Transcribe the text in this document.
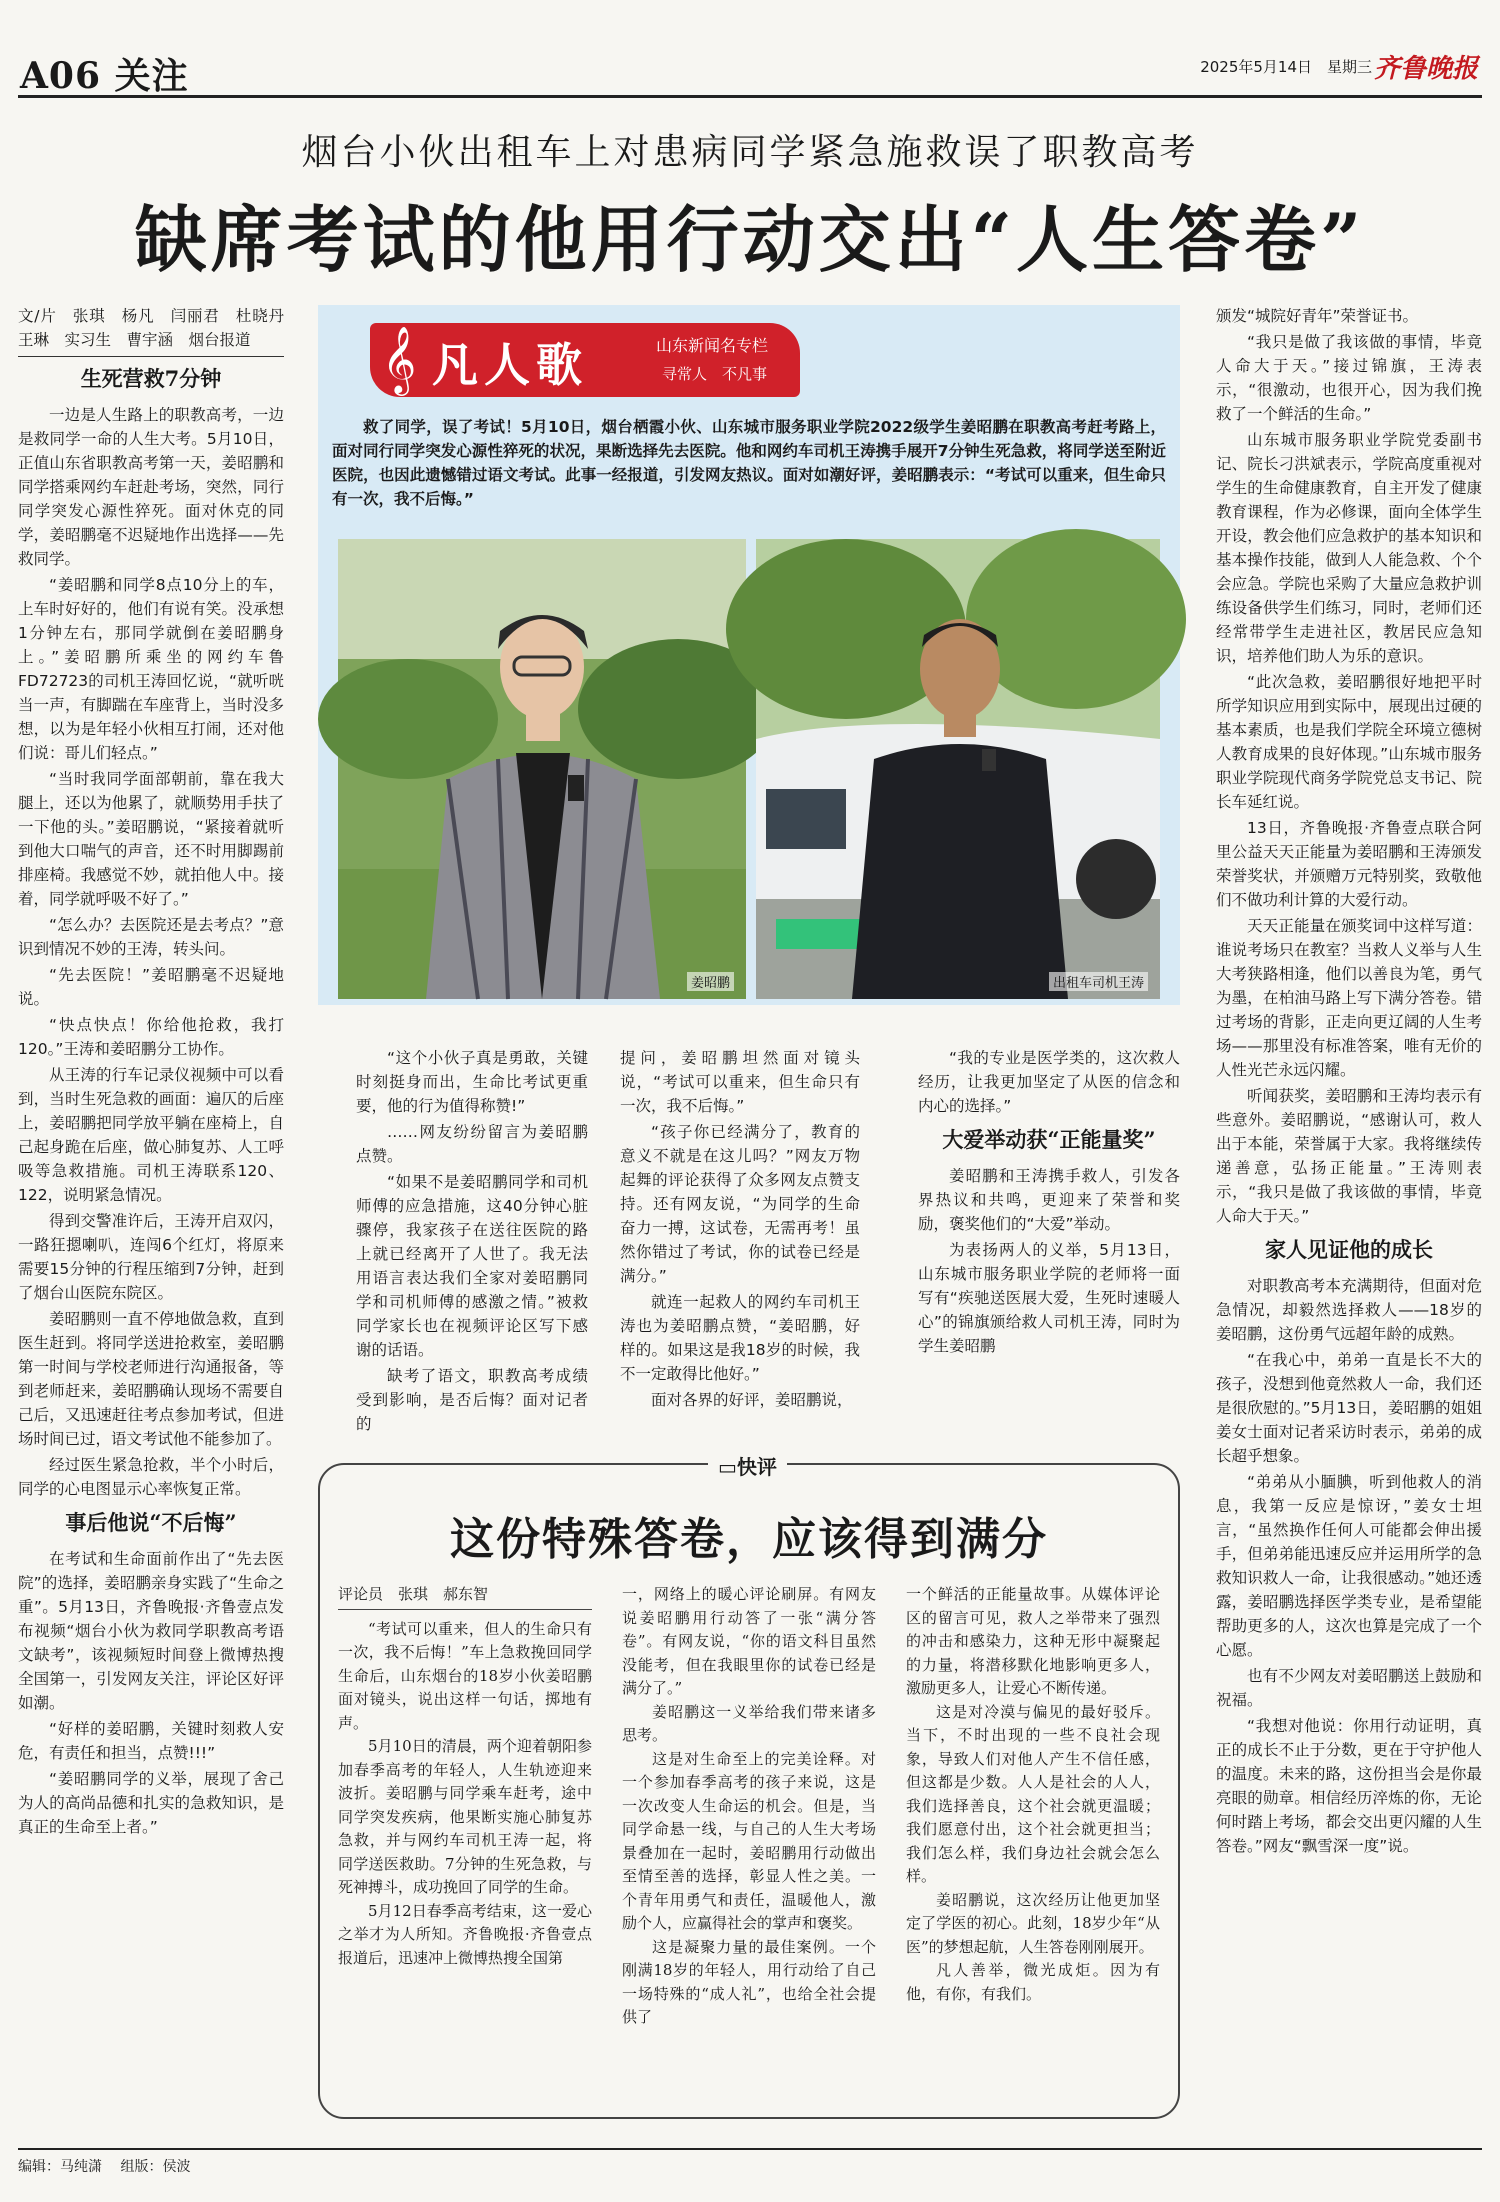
A06 关注	2025年5月14日 星期三 齐鲁晚报
烟台小伙出租车上对患病同学紧急施救误了职教高考
缺席考试的他用行动交出“人生答卷”
文/片　张琪　杨凡　闫丽君　杜晓丹　王琳　实习生　曹宇涵　烟台报道
生死营救7分钟

一边是人生路上的职教高考，一边是救同学一命的人生大考。5月10日，正值山东省职教高考第一天，姜昭鹏和同学搭乘网约车赶赴考场，突然，同行同学突发心源性猝死。面对休克的同学，姜昭鹏毫不迟疑地作出选择——先救同学。

“姜昭鹏和同学8点10分上的车，上车时好好的，他们有说有笑。没承想1分钟左右，那同学就倒在姜昭鹏身上。”姜昭鹏所乘坐的网约车鲁FD72723的司机王涛回忆说，“就听咣当一声，有脚踹在车座背上，当时没多想，以为是年轻小伙相互打闹，还对他们说：哥儿们轻点。”

“当时我同学面部朝前，靠在我大腿上，还以为他累了，就顺势用手扶了一下他的头。”姜昭鹏说，“紧接着就听到他大口喘气的声音，还不时用脚踢前排座椅。我感觉不妙，就拍他人中。接着，同学就呼吸不好了。”

“怎么办？去医院还是去考点？”意识到情况不妙的王涛，转头问。

“先去医院！”姜昭鹏毫不迟疑地说。

“快点快点！你给他抢救，我打120。”王涛和姜昭鹏分工协作。

从王涛的行车记录仪视频中可以看到，当时生死急救的画面：遍仄的后座上，姜昭鹏把同学放平躺在座椅上，自己起身跪在后座，做心肺复苏、人工呼吸等急救措施。司机王涛联系120、122，说明紧急情况。

得到交警准许后，王涛开启双闪，一路狂摁喇叭，连闯6个红灯，将原来需要15分钟的行程压缩到7分钟，赶到了烟台山医院东院区。

姜昭鹏则一直不停地做急救，直到医生赶到。将同学送进抢救室，姜昭鹏第一时间与学校老师进行沟通报备，等到老师赶来，姜昭鹏确认现场不需要自己后，又迅速赶往考点参加考试，但进场时间已过，语文考试他不能参加了。

经过医生紧急抢救，半个小时后，同学的心电图显示心率恢复正常。

事后他说“不后悔”

在考试和生命面前作出了“先去医院”的选择，姜昭鹏亲身实践了“生命之重”。5月13日，齐鲁晚报·齐鲁壹点发布视频“烟台小伙为救同学职教高考语文缺考”，该视频短时间登上微博热搜全国第一，引发网友关注，评论区好评如潮。

“好样的姜昭鹏，关键时刻救人安危，有责任和担当，点赞!!!”

“姜昭鹏同学的义举，展现了舍己为人的高尚品德和扎实的急救知识，是真正的生命至上者。”

𝄞 凡人歌	山东新闻名专栏
寻常人　不凡事
救了同学，误了考试！5月10日，烟台栖霞小伙、山东城市服务职业学院2022级学生姜昭鹏在职教高考赶考路上，面对同行同学突发心源性猝死的状况，果断选择先去医院。他和网约车司机王涛携手展开7分钟生死急救，将同学送至附近医院，也因此遗憾错过语文考试。此事一经报道，引发网友热议。面对如潮好评，姜昭鹏表示：“考试可以重来，但生命只有一次，我不后悔。”
姜昭鹏	出租车司机王涛

“这个小伙子真是勇敢，关键时刻挺身而出，生命比考试更重要，他的行为值得称赞!”

……网友纷纷留言为姜昭鹏点赞。

“如果不是姜昭鹏同学和司机师傅的应急措施，这40分钟心脏骤停，我家孩子在送往医院的路上就已经离开了人世了。我无法用语言表达我们全家对姜昭鹏同学和司机师傅的感激之情。”被救同学家长也在视频评论区写下感谢的话语。

缺考了语文，职教高考成绩受到影响，是否后悔？面对记者的

提问，姜昭鹏坦然面对镜头说，“考试可以重来，但生命只有一次，我不后悔。”

“孩子你已经满分了，教育的意义不就是在这儿吗？”网友万物起舞的评论获得了众多网友点赞支持。还有网友说，“为同学的生命奋力一搏，这试卷，无需再考！虽然你错过了考试，你的试卷已经是满分。”

就连一起救人的网约车司机王涛也为姜昭鹏点赞，“姜昭鹏，好样的。如果这是我18岁的时候，我不一定敢得比他好。”

面对各界的好评，姜昭鹏说，

“我的专业是医学类的，这次救人经历，让我更加坚定了从医的信念和内心的选择。”

大爱举动获“正能量奖”

姜昭鹏和王涛携手救人，引发各界热议和共鸣，更迎来了荣誉和奖励，褒奖他们的“大爱”举动。

为表扬两人的义举，5月13日，山东城市服务职业学院的老师将一面写有“疾驰送医展大爱，生死时速暖人心”的锦旗颁给救人司机王涛，同时为学生姜昭鹏

颁发“城院好青年”荣誉证书。

“我只是做了我该做的事情，毕竟人命大于天。”接过锦旗，王涛表示，“很激动，也很开心，因为我们挽救了一个鲜活的生命。”

山东城市服务职业学院党委副书记、院长刁洪斌表示，学院高度重视对学生的生命健康教育，自主开发了健康教育课程，作为必修课，面向全体学生开设，教会他们应急救护的基本知识和基本操作技能，做到人人能急救、个个会应急。学院也采购了大量应急救护训练设备供学生们练习，同时，老师们还经常带学生走进社区，教居民应急知识，培养他们助人为乐的意识。

“此次急救，姜昭鹏很好地把平时所学知识应用到实际中，展现出过硬的基本素质，也是我们学院全环境立德树人教育成果的良好体现。”山东城市服务职业学院现代商务学院党总支书记、院长车延红说。

13日，齐鲁晚报·齐鲁壹点联合阿里公益天天正能量为姜昭鹏和王涛颁发荣誉奖状，并颁赠万元特别奖，致敬他们不做功利计算的大爱行动。

天天正能量在颁奖词中这样写道：谁说考场只在教室？当救人义举与人生大考狭路相逢，他们以善良为笔，勇气为墨，在柏油马路上写下满分答卷。错过考场的背影，正走向更辽阔的人生考场——那里没有标准答案，唯有无价的人性光芒永远闪耀。

听闻获奖，姜昭鹏和王涛均表示有些意外。姜昭鹏说，“感谢认可，救人出于本能，荣誉属于大家。我将继续传递善意，弘扬正能量。”王涛则表示，“我只是做了我该做的事情，毕竟人命大于天。”

家人见证他的成长

对职教高考本充满期待，但面对危急情况，却毅然选择救人——18岁的姜昭鹏，这份勇气远超年龄的成熟。

“在我心中，弟弟一直是长不大的孩子，没想到他竟然救人一命，我们还是很欣慰的。”5月13日，姜昭鹏的姐姐姜女士面对记者采访时表示，弟弟的成长超乎想象。

“弟弟从小腼腆，听到他救人的消息，我第一反应是惊讶，”姜女士坦言，“虽然换作任何人可能都会伸出援手，但弟弟能迅速反应并运用所学的急救知识救人一命，让我很感动。”她还透露，姜昭鹏选择医学类专业，是希望能帮助更多的人，这次也算是完成了一个心愿。

也有不少网友对姜昭鹏送上鼓励和祝福。

“我想对他说：你用行动证明，真正的成长不止于分数，更在于守护他人的温度。未来的路，这份担当会是你最亮眼的勋章。相信经历淬炼的你，无论何时踏上考场，都会交出更闪耀的人生答卷。”网友“飘雪深一度”说。

▭快评
这份特殊答卷，应该得到满分
评论员　张琪　郝东智

“考试可以重来，但人的生命只有一次，我不后悔！”车上急救挽回同学生命后，山东烟台的18岁小伙姜昭鹏面对镜头，说出这样一句话，掷地有声。

5月10日的清晨，两个迎着朝阳参加春季高考的年轻人，人生轨迹迎来波折。姜昭鹏与同学乘车赶考，途中同学突发疾病，他果断实施心肺复苏急救，并与网约车司机王涛一起，将同学送医救助。7分钟的生死急救，与死神搏斗，成功挽回了同学的生命。

5月12日春季高考结束，这一爱心之举才为人所知。齐鲁晚报·齐鲁壹点报道后，迅速冲上微博热搜全国第

一，网络上的暖心评论刷屏。有网友说姜昭鹏用行动答了一张“满分答卷”。有网友说，“你的语文科目虽然没能考，但在我眼里你的试卷已经是满分了。”

姜昭鹏这一义举给我们带来诸多思考。

这是对生命至上的完美诠释。对一个参加春季高考的孩子来说，这是一次改变人生命运的机会。但是，当同学命悬一线，与自己的人生大考场景叠加在一起时，姜昭鹏用行动做出至情至善的选择，彰显人性之美。一个青年用勇气和责任，温暖他人，激励个人，应赢得社会的掌声和褒奖。

这是凝聚力量的最佳案例。一个刚满18岁的年轻人，用行动给了自己一场特殊的“成人礼”，也给全社会提供了

一个鲜活的正能量故事。从媒体评论区的留言可见，救人之举带来了强烈的冲击和感染力，这种无形中凝聚起的力量，将潜移默化地影响更多人，激励更多人，让爱心不断传递。

这是对冷漠与偏见的最好驳斥。当下，不时出现的一些不良社会现象，导致人们对他人产生不信任感，但这都是少数。人人是社会的人人，我们选择善良，这个社会就更温暖；我们愿意付出，这个社会就更担当；我们怎么样，我们身边社会就会怎么样。

姜昭鹏说，这次经历让他更加坚定了学医的初心。此刻，18岁少年“从医”的梦想起航，人生答卷刚刚展开。

凡人善举，微光成炬。因为有他，有你，有我们。

编辑：马纯潇 组版：侯波
